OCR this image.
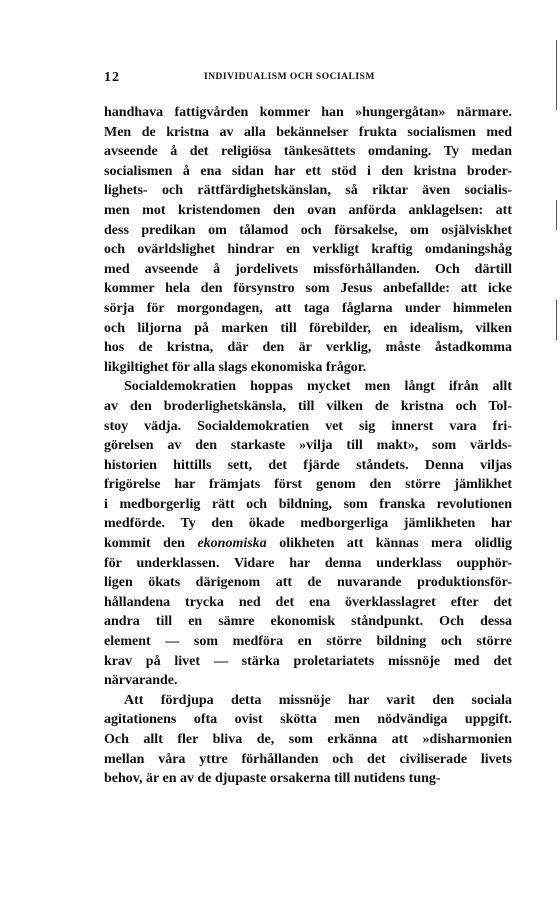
12	INDIVIDUALISM OCH SOCIALISM
handhava fattigvården kommer han »hungergåtan» närmare.
Men de kristna av alla bekännelser frukta socialismen med
avseende å det religiösa tänkesättets omdaning. Ty medan
socialismen å ena sidan har ett stöd i den kristna broder-
lighets- och rättfärdighetskänslan, så riktar även socialis-
men mot kristendomen den ovan anförda anklagelsen: att
dess predikan om tålamod och försakelse, om osjälviskhet
och ovärldslighet hindrar en verkligt kraftig omdaningshåg
med avseende å jordelivets missförhållanden. Och därtill
kommer hela den försynstro som Jesus anbefallde: att icke
sörja för morgondagen, att taga fåglarna under himmelen
och liljorna på marken till förebilder, en idealism, vilken
hos de kristna, där den är verklig, måste åstadkomma
likgiltighet för alla slags ekonomiska frågor.
Socialdemokratien hoppas mycket men långt ifrån allt
av den broderlighetskänsla, till vilken de kristna och Tol-
stoy vädja. Socialdemokratien vet sig innerst vara fri-
görelsen av den starkaste »vilja till makt», som världs-
historien hittills sett, det fjärde ståndets. Denna viljas
frigörelse har främjats först genom den större jämlikhet
i medborgerlig rätt och bildning, som franska revolutionen
medförde. Ty den ökade medborgerliga jämlikheten har
kommit den ekonomiska olikheten att kännas mera olidlig
för underklassen. Vidare har denna underklass oupphör-
ligen ökats därigenom att de nuvarande produktionsför-
hållandena trycka ned det ena överklasslagret efter det
andra till en sämre ekonomisk ståndpunkt. Och dessa
element — som medföra en större bildning och större
krav på livet — stärka proletariatets missnöje med det
närvarande.
Att fördjupa detta missnöje har varit den sociala
agitationens ofta ovist skötta men nödvändiga uppgift.
Och allt fler bliva de, som erkänna att »disharmonien
mellan våra yttre förhållanden och det civiliserade livets
behov, är en av de djupaste orsakerna till nutidens tung-
